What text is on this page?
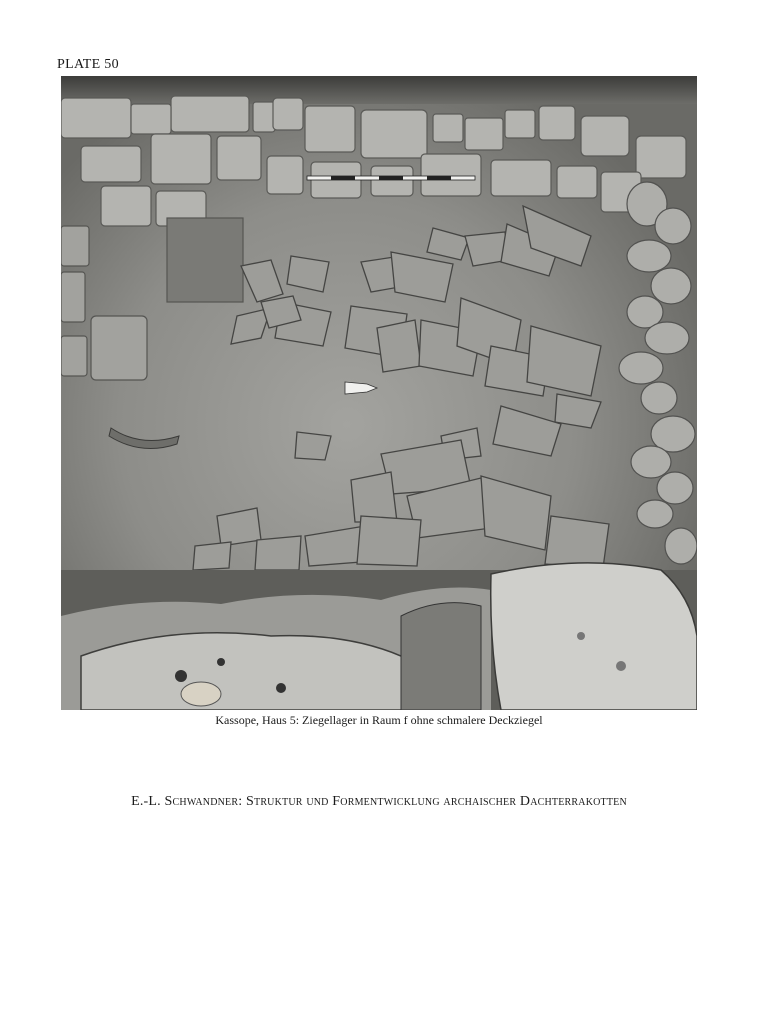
PLATE 50
Kassope, Haus 5: Ziegellager in Raum f ohne schmalere Deckziegel
E.-L. Schwandner: Struktur und Formentwicklung archaischer Dachterrakotten
